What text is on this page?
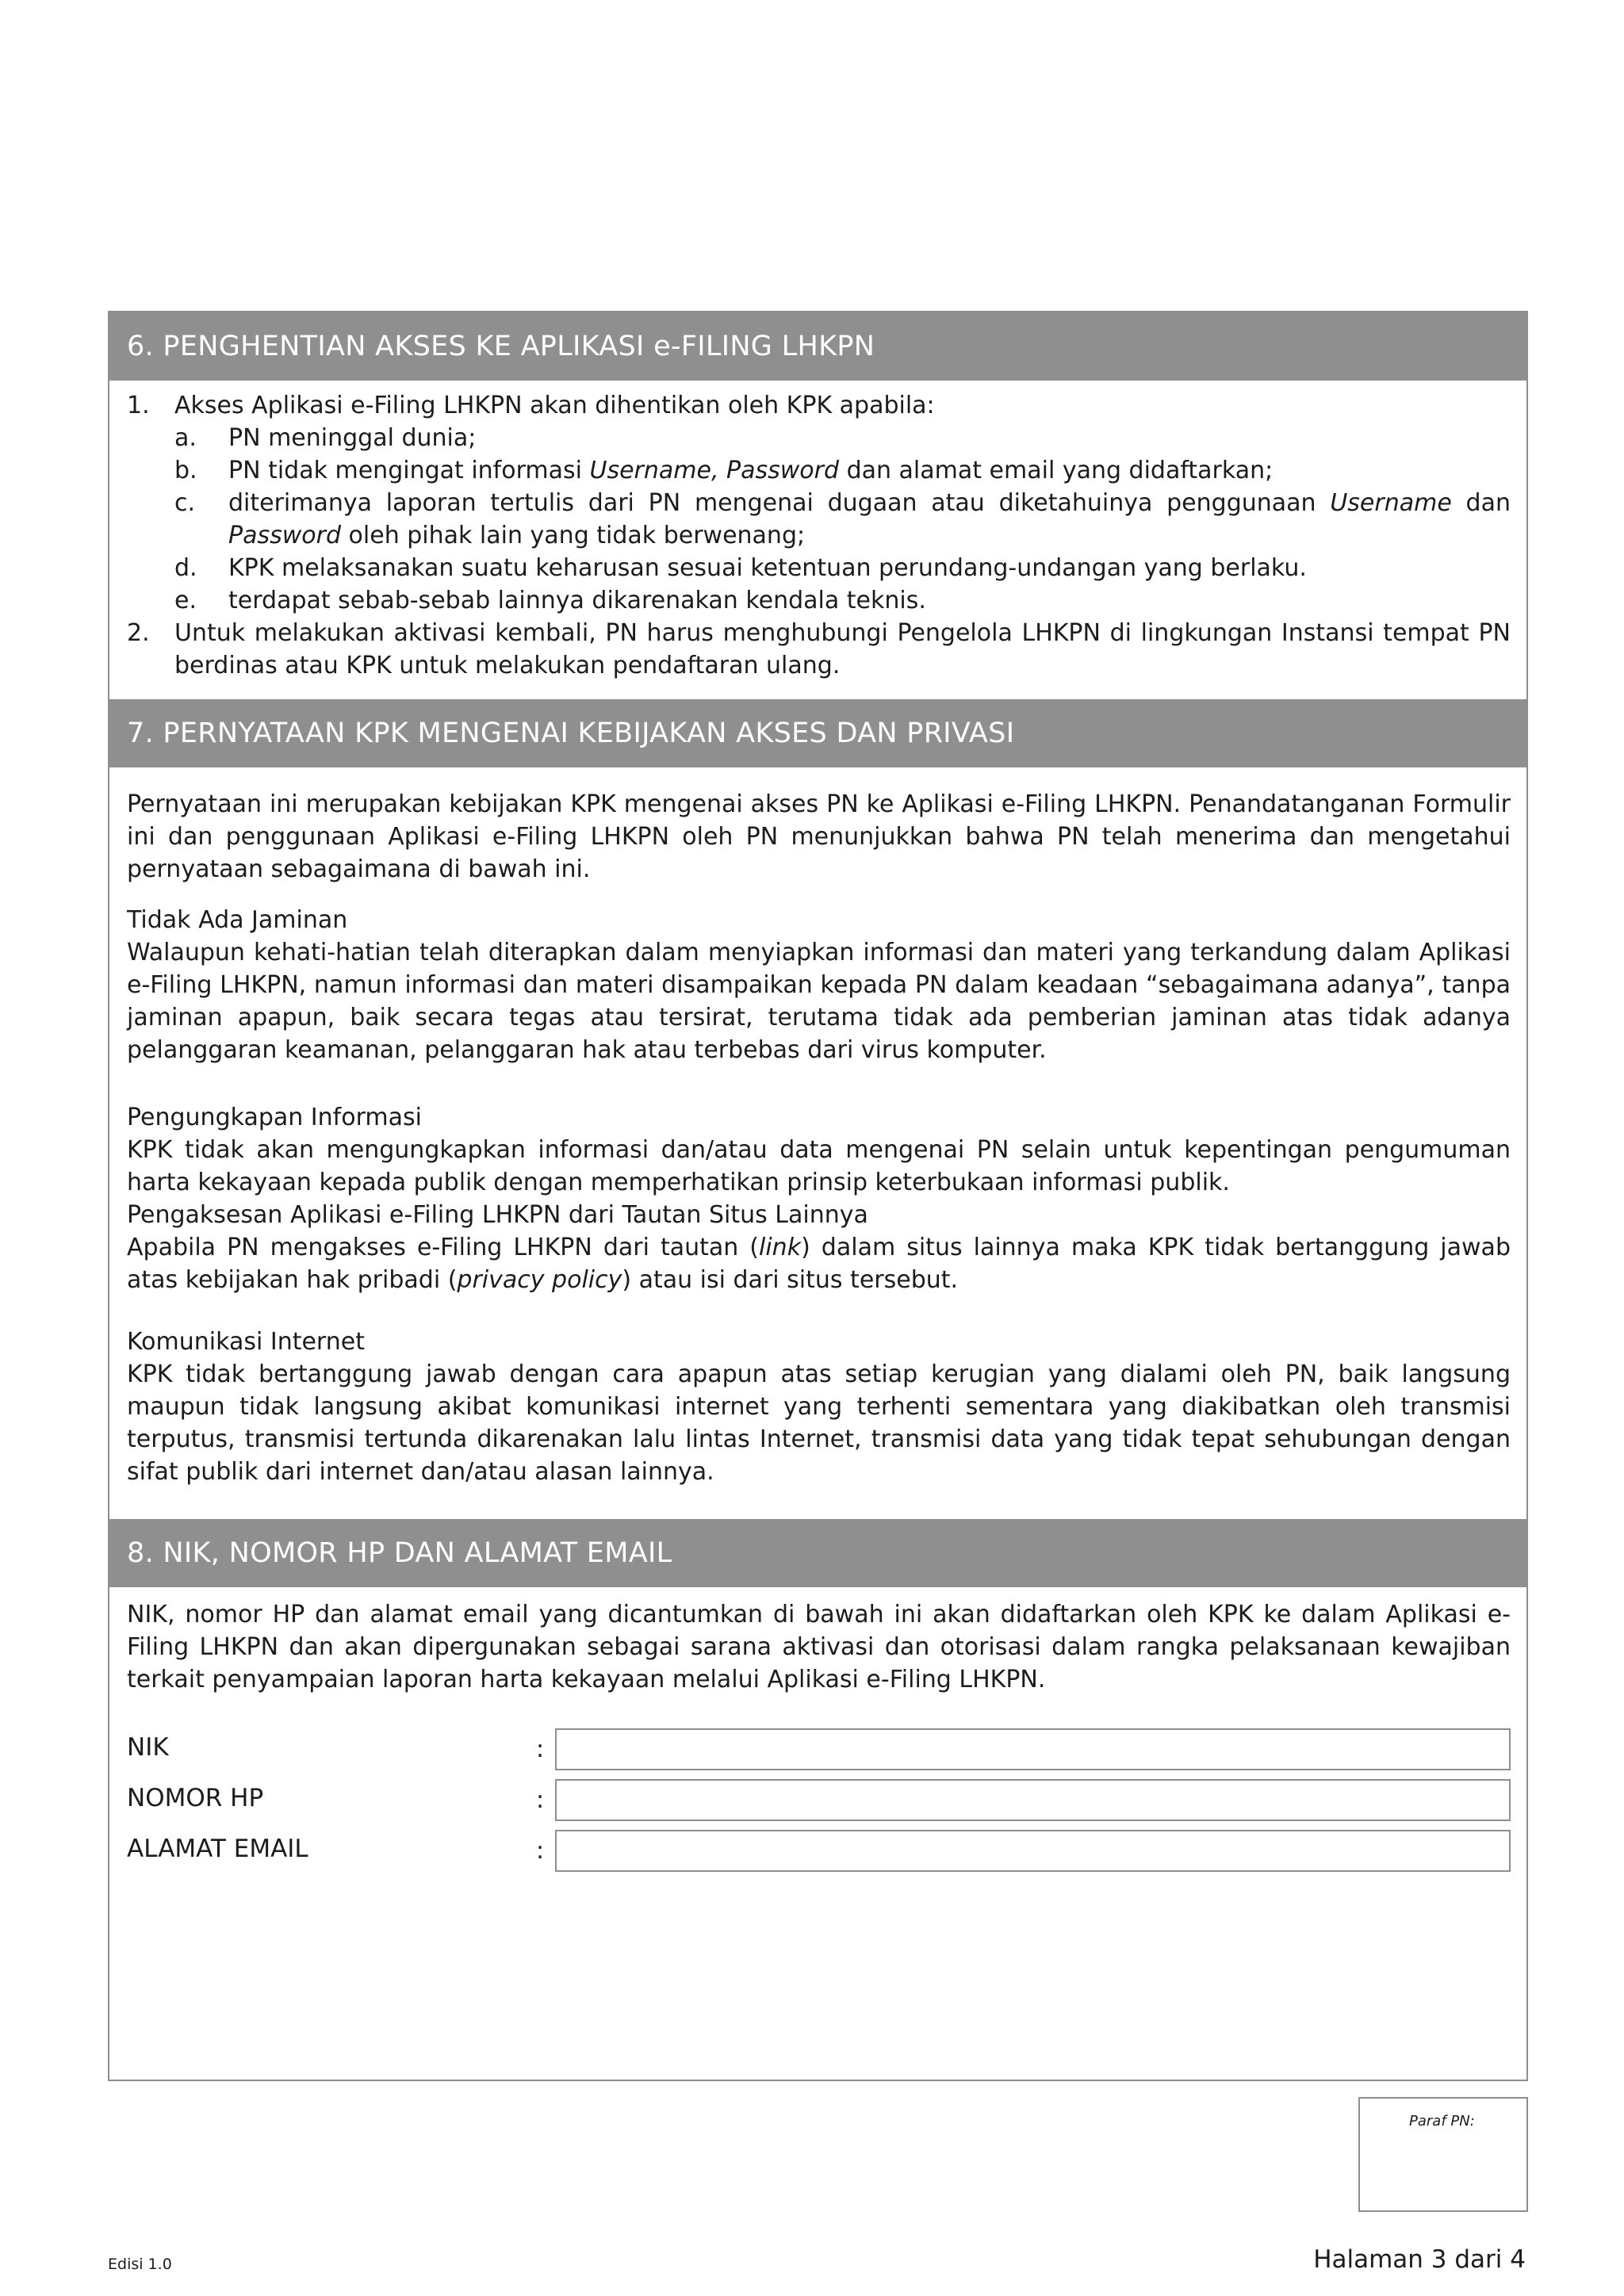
6. PENGHENTIAN AKSES KE APLIKASI e-FILING LHKPN
1. Akses Aplikasi e-Filing LHKPN akan dihentikan oleh KPK apabila:
a. PN meninggal dunia;
b. PN tidak mengingat informasi Username, Password dan alamat email yang didaftarkan;
c. diterimanya laporan tertulis dari PN mengenai dugaan atau diketahuinya penggunaan Username dan Password oleh pihak lain yang tidak berwenang;
d. KPK melaksanakan suatu keharusan sesuai ketentuan perundang-undangan yang berlaku.
e. terdapat sebab-sebab lainnya dikarenakan kendala teknis.
2. Untuk melakukan aktivasi kembali, PN harus menghubungi Pengelola LHKPN di lingkungan Instansi tempat PN berdinas atau KPK untuk melakukan pendaftaran ulang.
7. PERNYATAAN KPK MENGENAI KEBIJAKAN AKSES DAN PRIVASI
Pernyataan ini merupakan kebijakan KPK mengenai akses PN ke Aplikasi e-Filing LHKPN. Penandatanganan Formulir ini dan penggunaan Aplikasi e-Filing LHKPN oleh PN menunjukkan bahwa PN telah menerima dan mengetahui pernyataan sebagaimana di bawah ini.
Tidak Ada Jaminan
Walaupun kehati-hatian telah diterapkan dalam menyiapkan informasi dan materi yang terkandung dalam Aplikasi e-Filing LHKPN, namun informasi dan materi disampaikan kepada PN dalam keadaan “sebagaimana adanya”, tanpa jaminan apapun, baik secara tegas atau tersirat, terutama tidak ada pemberian jaminan atas tidak adanya pelanggaran keamanan, pelanggaran hak atau terbebas dari virus komputer.
Pengungkapan Informasi
KPK tidak akan mengungkapkan informasi dan/atau data mengenai PN selain untuk kepentingan pengumuman harta kekayaan kepada publik dengan memperhatikan prinsip keterbukaan informasi publik.
Pengaksesan Aplikasi e-Filing LHKPN dari Tautan Situs Lainnya
Apabila PN mengakses e-Filing LHKPN dari tautan (link) dalam situs lainnya maka KPK tidak bertanggung jawab atas kebijakan hak pribadi (privacy policy) atau isi dari situs tersebut.
Komunikasi Internet
KPK tidak bertanggung jawab dengan cara apapun atas setiap kerugian yang dialami oleh PN, baik langsung maupun tidak langsung akibat komunikasi internet yang terhenti sementara yang diakibatkan oleh transmisi terputus, transmisi tertunda dikarenakan lalu lintas Internet, transmisi data yang tidak tepat sehubungan dengan sifat publik dari internet dan/atau alasan lainnya.
8. NIK, NOMOR HP DAN ALAMAT EMAIL
NIK, nomor HP dan alamat email yang dicantumkan di bawah ini akan didaftarkan oleh KPK ke dalam Aplikasi e-Filing LHKPN dan akan dipergunakan sebagai sarana aktivasi dan otorisasi dalam rangka pelaksanaan kewajiban terkait penyampaian laporan harta kekayaan melalui Aplikasi e-Filing LHKPN.
NIK	:
NOMOR HP	:
ALAMAT EMAIL	:
Paraf PN:
Edisi 1.0	Halaman 3 dari 4
